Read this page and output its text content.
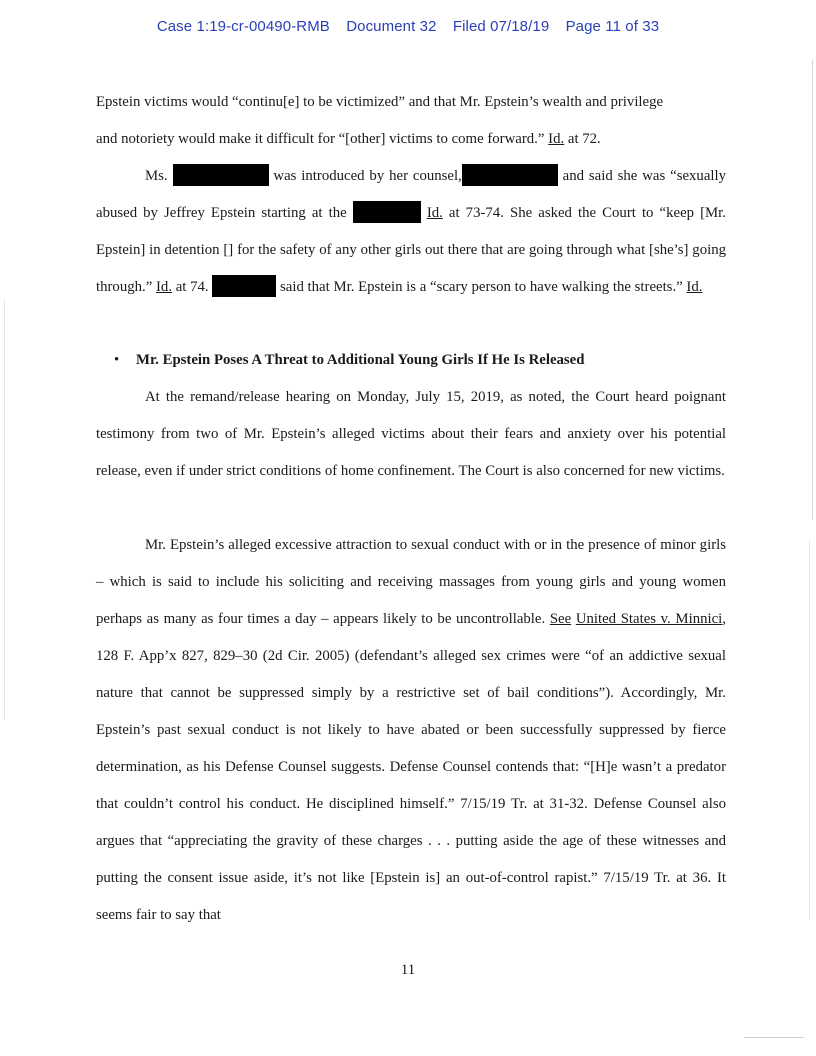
Case 1:19-cr-00490-RMB Document 32 Filed 07/18/19 Page 11 of 33

Epstein victims would “continu[e] to be victimized” and that Mr. Epstein’s wealth and privilege

and notoriety would make it difficult for “[other] victims to come forward.” Id. at 72.

Ms.	was introduced by her counsel,	and said she was “sexually abused by Jeffrey Epstein starting at the	Id. at 73-74. She asked the Court to “keep [Mr. Epstein] in detention [] for the safety of any other girls out there that are going through what [she’s] going through.” Id. at 74.	said that Mr. Epstein is a “scary person to have walking the streets.” Id.

• Mr. Epstein Poses A Threat to Additional Young Girls If He Is Released

At the remand/release hearing on Monday, July 15, 2019, as noted, the Court heard poignant testimony from two of Mr. Epstein’s alleged victims about their fears and anxiety over his potential release, even if under strict conditions of home confinement. The Court is also concerned for new victims.

Mr. Epstein’s alleged excessive attraction to sexual conduct with or in the presence of minor girls – which is said to include his soliciting and receiving massages from young girls and young women perhaps as many as four times a day – appears likely to be uncontrollable. See United States v. Minnici, 128 F. App’x 827, 829–30 (2d Cir. 2005) (defendant’s alleged sex crimes were “of an addictive sexual nature that cannot be suppressed simply by a restrictive set of bail conditions”). Accordingly, Mr. Epstein’s past sexual conduct is not likely to have abated or been successfully suppressed by fierce determination, as his Defense Counsel suggests. Defense Counsel contends that: “[H]e wasn’t a predator that couldn’t control his conduct. He disciplined himself.” 7/15/19 Tr. at 31-32. Defense Counsel also argues that “appreciating the gravity of these charges . . . putting aside the age of these witnesses and putting the consent issue aside, it’s not like [Epstein is] an out-of-control rapist.” 7/15/19 Tr. at 36. It seems fair to say that

11
